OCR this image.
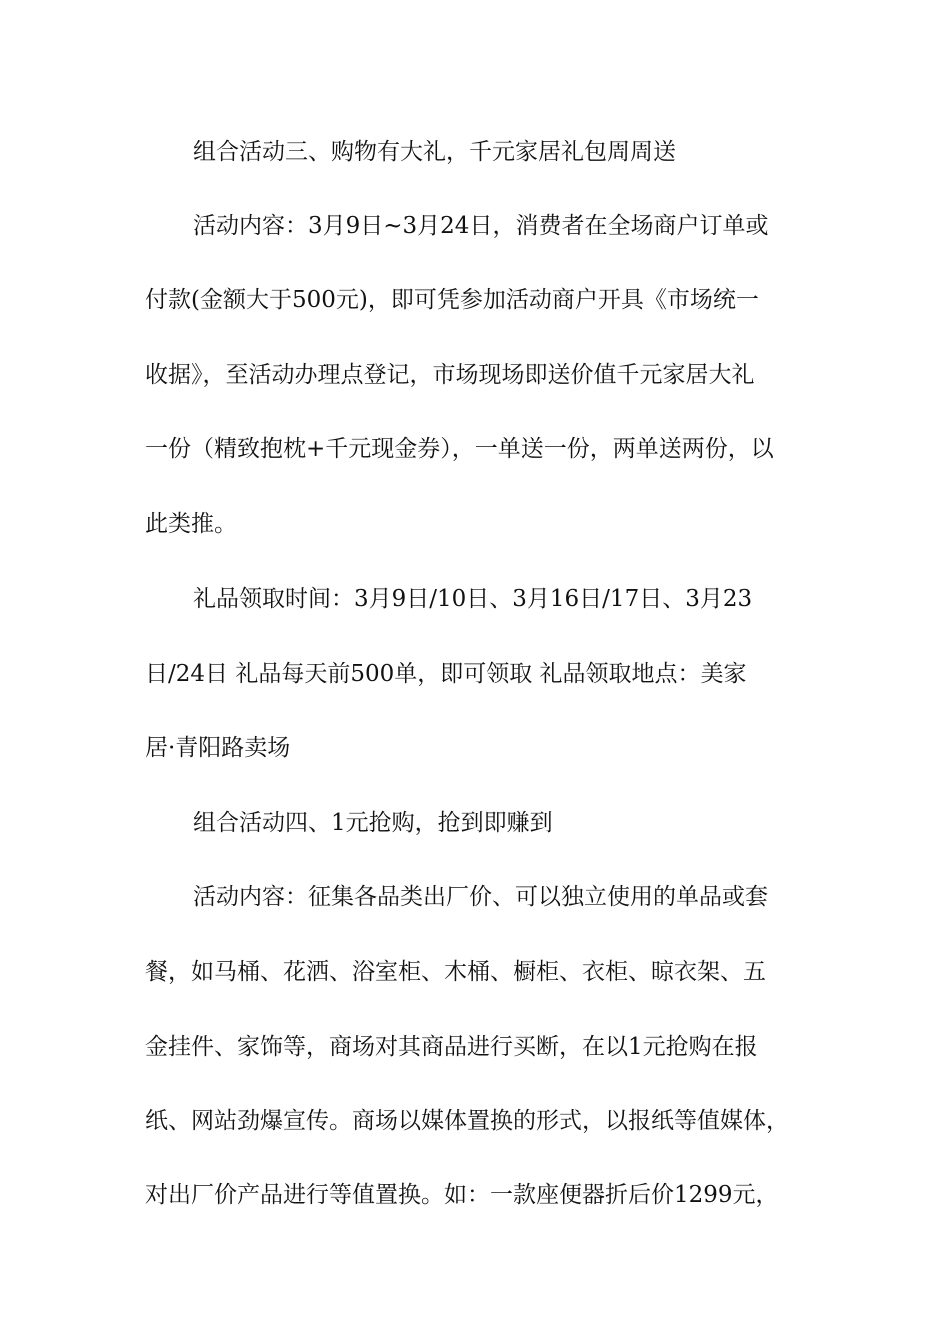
组合活动三、购物有大礼，千元家居礼包周周送

活动内容：3月9日~3月24日，消费者在全场商户订单或

付款(金额大于500元)，即可凭参加活动商户开具《市场统一

收据》，至活动办理点登记，市场现场即送价值千元家居大礼

一份（精致抱枕+千元现金券），一单送一份，两单送两份，以

此类推。

礼品领取时间：3月9日/10日、3月16日/17日、3月23

日/24日 礼品每天前500单，即可领取 礼品领取地点：美家

居·青阳路卖场

组合活动四、1元抢购，抢到即赚到

活动内容：征集各品类出厂价、可以独立使用的单品或套

餐，如马桶、花洒、浴室柜、木桶、橱柜、衣柜、晾衣架、五

金挂件、家饰等，商场对其商品进行买断，在以1元抢购在报

纸、网站劲爆宣传。商场以媒体置换的形式，以报纸等值媒体，

对出厂价产品进行等值置换。如：一款座便器折后价1299元，
